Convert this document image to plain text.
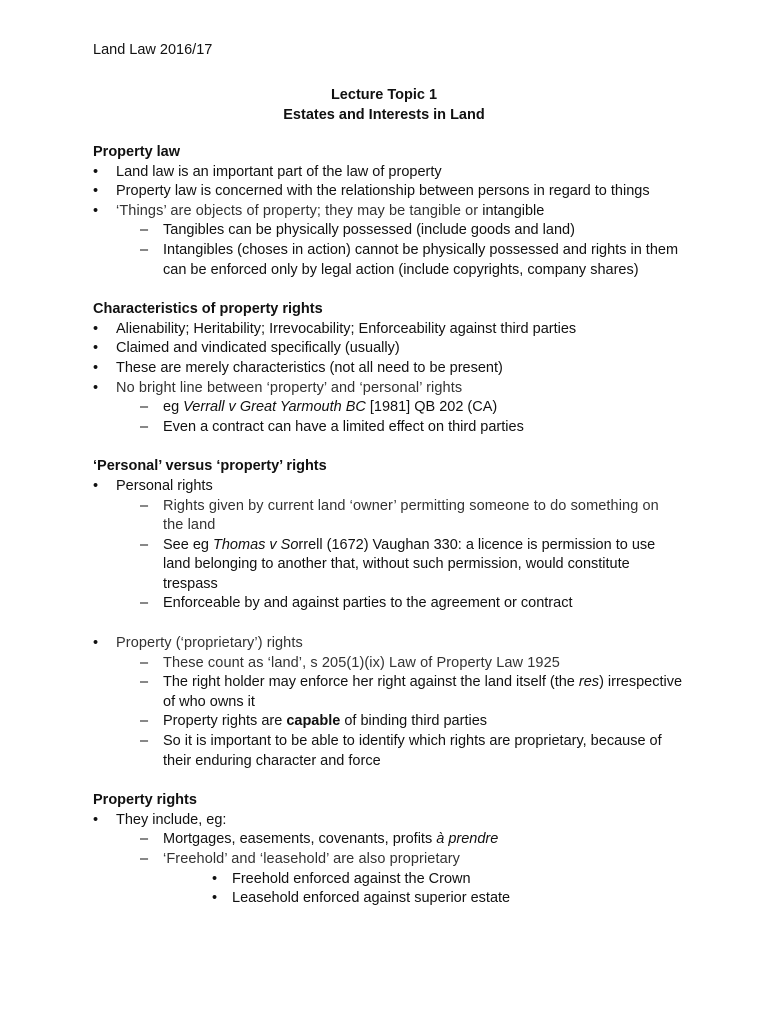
Land Law 2016/17
Lecture Topic 1
Estates and Interests in Land
Property law
• Land law is an important part of the law of property
• Property law is concerned with the relationship between persons in regard to things
• ‘Things’ are objects of property; they may be tangible or intangible
– Tangibles can be physically possessed (include goods and land)
– Intangibles (choses in action) cannot be physically possessed and rights in them can be enforced only by legal action (include copyrights, company shares)
Characteristics of property rights
• Alienability; Heritability; Irrevocability; Enforceability against third parties
• Claimed and vindicated specifically (usually)
• These are merely characteristics (not all need to be present)
• No bright line between ‘property’ and ‘personal’ rights
– eg Verrall v Great Yarmouth BC [1981] QB 202 (CA)
– Even a contract can have a limited effect on third parties
‘Personal’ versus ‘property’ rights
• Personal rights
– Rights given by current land ‘owner’ permitting someone to do something on the land
– See eg Thomas v Sorrell (1672) Vaughan 330: a licence is permission to use land belonging to another that, without such permission, would constitute trespass
– Enforceable by and against parties to the agreement or contract
• Property (‘proprietary’) rights
– These count as ‘land’, s 205(1)(ix) Law of Property Law 1925
– The right holder may enforce her right against the land itself (the res) irrespective of who owns it
– Property rights are capable of binding third parties
– So it is important to be able to identify which rights are proprietary, because of their enduring character and force
Property rights
• They include, eg:
– Mortgages, easements, covenants, profits à prendre
– ‘Freehold’ and ‘leasehold’ are also proprietary
• Freehold enforced against the Crown
• Leasehold enforced against superior estate
